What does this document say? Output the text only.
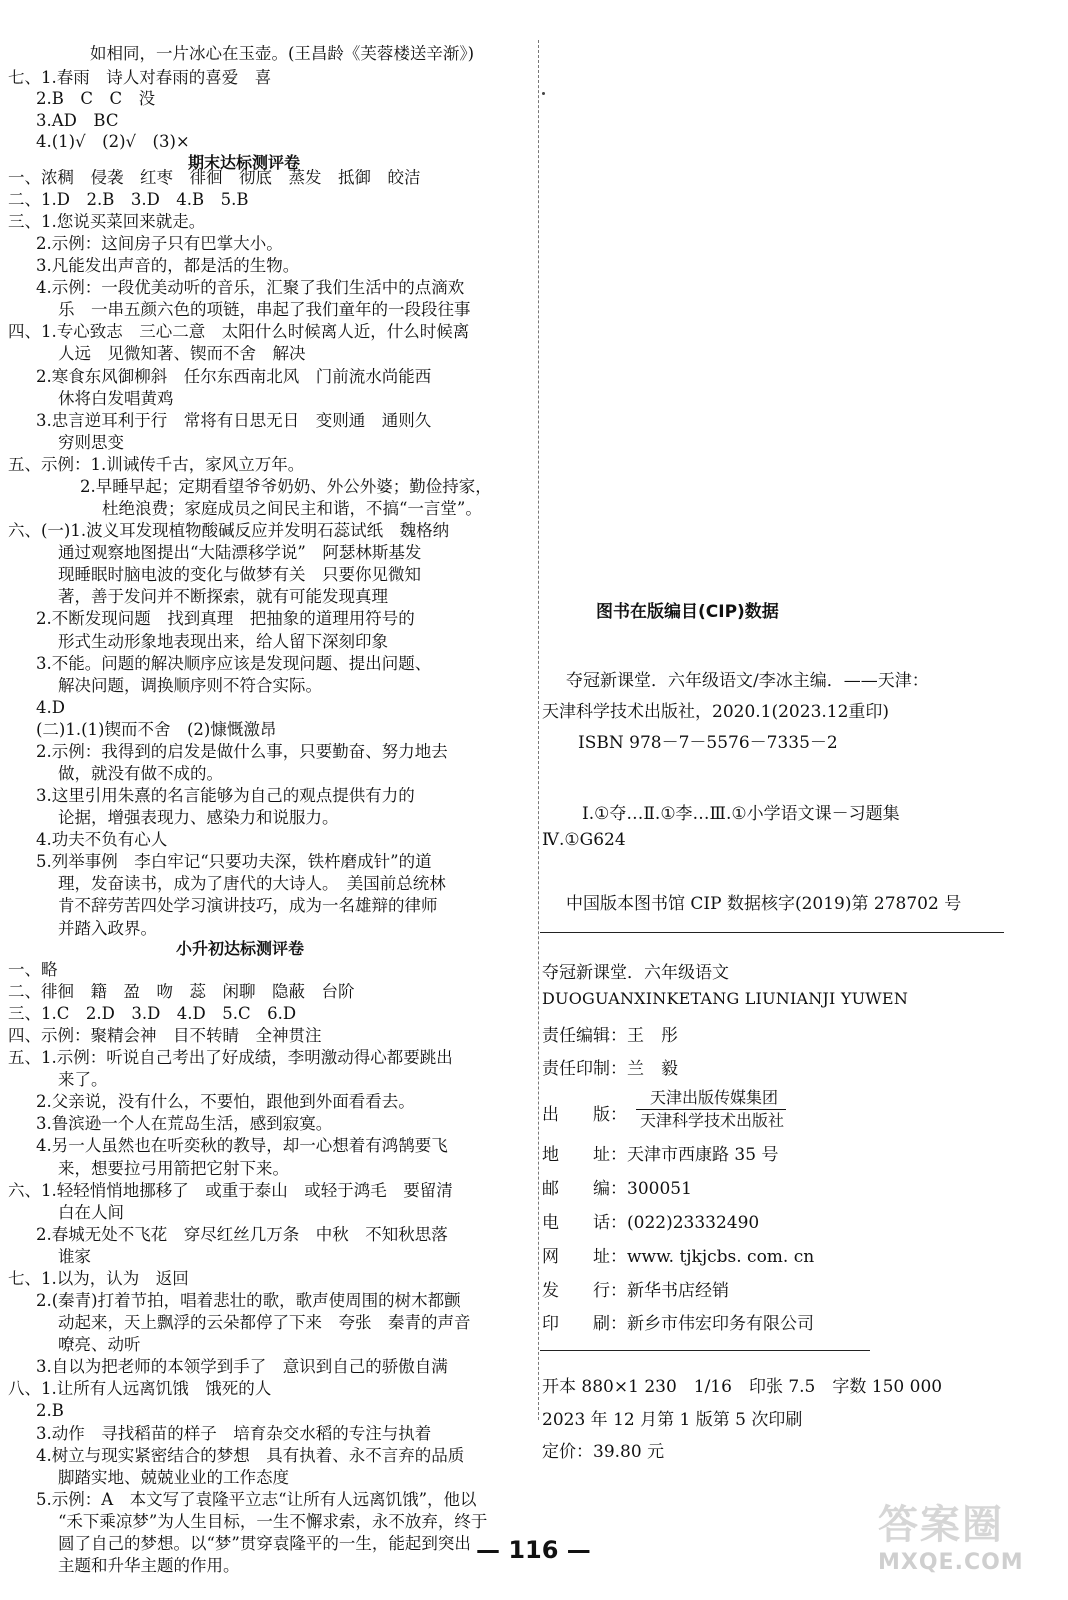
如相同，一片冰心在玉壶。(王昌龄《芙蓉楼送辛渐》)
七、1.春雨　诗人对春雨的喜爱　喜
2.B　C　C　没
3.AD　BC
4.(1)√　(2)√　(3)×
期末达标测评卷
一、浓稠　侵袭　红枣　徘徊　彻底　蒸发　抵御　皎洁
二、1.D　2.B　3.D　4.B　5.B
三、1.您说买菜回来就走。
2.示例：这间房子只有巴掌大小。
3.凡能发出声音的，都是活的生物。
4.示例：一段优美动听的音乐，汇聚了我们生活中的点滴欢
乐　一串五颜六色的项链，串起了我们童年的一段段往事
四、1.专心致志　三心二意　太阳什么时候离人近，什么时候离
人远　见微知著、锲而不舍　解决
2.寒食东风御柳斜　任尔东西南北风　门前流水尚能西
休将白发唱黄鸡
3.忠言逆耳利于行　常将有日思无日　变则通　通则久
穷则思变
五、示例：1.训诫传千古，家风立万年。
2.早睡早起；定期看望爷爷奶奶、外公外婆；勤俭持家，
杜绝浪费；家庭成员之间民主和谐，不搞“一言堂”。
六、(一)1.波义耳发现植物酸碱反应并发明石蕊试纸　魏格纳
通过观察地图提出“大陆漂移学说”　阿瑟林斯基发
现睡眠时脑电波的变化与做梦有关　只要你见微知
著，善于发问并不断探索，就有可能发现真理
2.不断发现问题　找到真理　把抽象的道理用符号的
形式生动形象地表现出来，给人留下深刻印象
3.不能。问题的解决顺序应该是发现问题、提出问题、
解决问题，调换顺序则不符合实际。
4.D
(二)1.(1)锲而不舍　(2)慷慨激昂
2.示例：我得到的启发是做什么事，只要勤奋、努力地去
做，就没有做不成的。
3.这里引用朱熹的名言能够为自己的观点提供有力的
论据，增强表现力、感染力和说服力。
4.功夫不负有心人
5.列举事例　李白牢记“只要功夫深，铁杵磨成针”的道
理，发奋读书，成为了唐代的大诗人。　美国前总统林
肯不辞劳苦四处学习演讲技巧，成为一名雄辩的律师
并踏入政界。
小升初达标测评卷
一、略
二、徘徊　籍　盈　吻　蕊　闲聊　隐蔽　台阶
三、1.C　2.D　3.D　4.D　5.C　6.D
四、示例：聚精会神　目不转睛　全神贯注
五、1.示例：听说自己考出了好成绩，李明激动得心都要跳出
来了。
2.父亲说，没有什么，不要怕，跟他到外面看看去。
3.鲁滨逊一个人在荒岛生活，感到寂寞。
4.另一人虽然也在听奕秋的教导，却一心想着有鸿鹄要飞
来，想要拉弓用箭把它射下来。
六、1.轻轻悄悄地挪移了　或重于泰山　或轻于鸿毛　要留清
白在人间
2.春城无处不飞花　穿尽红丝几万条　中秋　不知秋思落
谁家
七、1.以为，认为　返回
2.(秦青)打着节拍，唱着悲壮的歌，歌声使周围的树木都颤
动起来，天上飘浮的云朵都停了下来　夸张　秦青的声音
嘹亮、动听
3.自以为把老师的本领学到手了　意识到自己的骄傲自满
八、1.让所有人远离饥饿　饿死的人
2.B
3.动作　寻找稻苗的样子　培育杂交水稻的专注与执着
4.树立与现实紧密结合的梦想　具有执着、永不言弃的品质
脚踏实地、兢兢业业的工作态度
5.示例：A　本文写了袁隆平立志“让所有人远离饥饿”，他以
“禾下乘凉梦”为人生目标，一生不懈求索，永不放弃，终于
圆了自己的梦想。以“梦”贯穿袁隆平的一生，能起到突出
主题和升华主题的作用。
图书在版编目(CIP)数据
夺冠新课堂．六年级语文/李冰主编．——天津：
天津科学技术出版社，2020.1(2023.12重印)
ISBN 978－7－5576－7335－2
Ⅰ.①夺…Ⅱ.①李…Ⅲ.①小学语文课－习题集
Ⅳ.①G624
中国版本图书馆 CIP 数据核字(2019)第 278702 号
夺冠新课堂．六年级语文
DUOGUANXINKETANG LIUNIANJI YUWEN
责任编辑：王　彤
责任印制：兰　毅
出　　版：
天津出版传媒集团
天津科学技术出版社
地　　址：天津市西康路 35 号
邮　　编：300051
电　　话：(022)23332490
网　　址：www. tjkjcbs. com. cn
发　　行：新华书店经销
印　　刷：新乡市伟宏印务有限公司
开本 880×1 230　1/16　印张 7.5　字数 150 000
2023 年 12 月第 1 版第 5 次印刷
定价：39.80 元
— 116 —
答案圈
MXQE.COM
